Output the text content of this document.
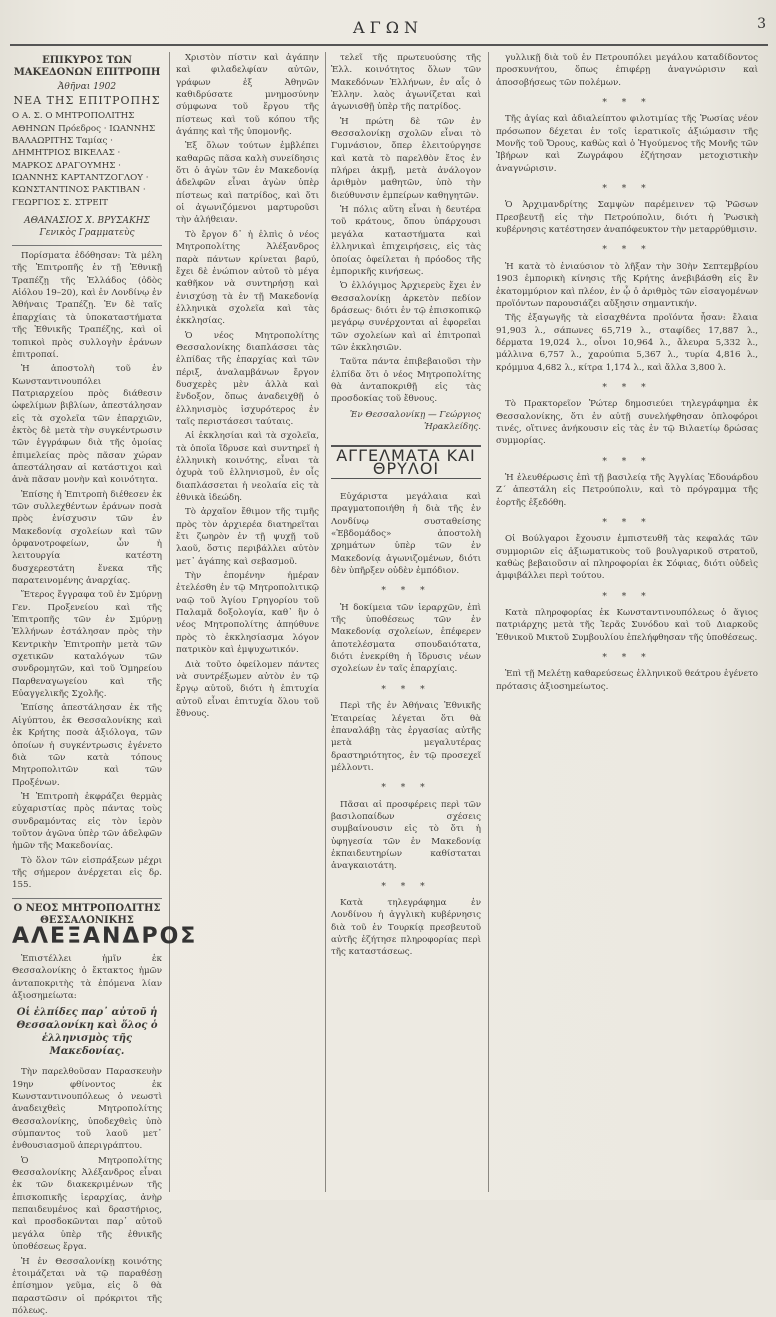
ΑΓΩΝ	3
ΕΠΙΚΥΡΟΣ ΤΩΝ ΜΑΚΕΔΟΝΩΝ ΕΠΙΤΡΟΠΗ
Ἀθῆναι 1902
ΝΕΑ ΤΗΣ ΕΠΙΤΡΟΠΗΣ
Ο Α. Σ. Ο ΜΗΤΡΟΠΟΛΙΤΗΣ ΑΘΗΝΩΝ Πρόεδρος · ΙΩΑΝΝΗΣ ΒΑΛΑΩΡΙΤΗΣ Ταμίας · ΔΗΜΗΤΡΙΟΣ ΒΙΚΕΛΑΣ · ΜΑΡΚΟΣ ΔΡΑΓΟΥΜΗΣ · ΙΩΑΝΝΗΣ ΚΑΡΤΑΝΤΖΟΓΛΟΥ · ΚΩΝΣΤΑΝΤΙΝΟΣ ΡΑΚΤΙΒΑΝ · ΓΕΩΡΓΙΟΣ Σ. ΣΤΡΕΙΤ
ΑΘΑΝΑΣΙΟΣ Χ. ΒΡΥΣΑΚΗΣ Γενικὸς Γραμματεὺς

Πορίσματα ἐδόθησαν: Τὰ μέλη τῆς Ἐπιτροπῆς ἐν τῇ Ἐθνικῇ Τραπέζῃ τῆς Ἑλλάδος (ὁδὸς Αἰόλου 19–20), καὶ ἐν Λονδίνῳ ἐν Ἀθήναις Τραπέζῃ. Ἐν δὲ ταῖς ἐπαρχίαις τὰ ὑποκαταστήματα τῆς Ἐθνικῆς Τραπέζης, καὶ οἱ τοπικοὶ πρὸς συλλογὴν ἐράνων ἐπιτροπαί.

Ἡ ἀποστολὴ τοῦ ἐν Κωνσταντινουπόλει Πατριαρχείου πρὸς διάθεσιν ὠφελίμων βιβλίων, ἀπεστάλησαν εἰς τὰ σχολεῖα τῶν ἐπαρχιῶν, ἐκτὸς δὲ μετὰ τὴν συγκέντρωσιν τῶν ἐγγράφων διὰ τῆς ὁμοίας ἐπιμελείας πρὸς πᾶσαν χώραν ἀπεστάλησαν αἱ κατάστιχοι καὶ ἀνὰ πᾶσαν μονὴν καὶ κοινότητα.

Ἐπίσης ἡ Ἐπιτροπὴ διέθεσεν ἐκ τῶν συλλεχθέντων ἐράνων ποσὰ πρὸς ἐνίσχυσιν τῶν ἐν Μακεδονίᾳ σχολείων καὶ τῶν ὀρφανοτροφείων, ὧν ἡ λειτουργία κατέστη δυσχερεστάτη ἕνεκα τῆς παρατεινομένης ἀναρχίας.

Ἕτερος ἔγγραφα τοῦ ἐν Σμύρνῃ Γεν. Προξενείου καὶ τῆς Ἐπιτροπῆς τῶν ἐν Σμύρνῃ Ἑλλήνων ἐστάλησαν πρὸς τὴν Κεντρικὴν Ἐπιτροπὴν μετὰ τῶν σχετικῶν καταλόγων τῶν συνδρομητῶν, καὶ τοῦ Ὁμηρείου Παρθεναγωγείου καὶ τῆς Εὐαγγελικῆς Σχολῆς.

Ἐπίσης ἀπεστάλησαν ἐκ τῆς Αἰγύπτου, ἐκ Θεσσαλονίκης καὶ ἐκ Κρήτης ποσὰ ἀξιόλογα, τῶν ὁποίων ἡ συγκέντρωσις ἐγένετο διὰ τῶν κατὰ τόπους Μητροπολιτῶν καὶ τῶν Προξένων.

Ἡ Ἐπιτροπὴ ἐκφράζει θερμὰς εὐχαριστίας πρὸς πάντας τοὺς συνδραμόντας εἰς τὸν ἱερὸν τοῦτον ἀγῶνα ὑπὲρ τῶν ἀδελφῶν ἡμῶν τῆς Μακεδονίας.

Τὸ ὅλον τῶν εἰσπράξεων μέχρι τῆς σήμερον ἀνέρχεται εἰς δρ. 155.

Ο ΝΕΟΣ ΜΗΤΡΟΠΟΛΙΤΗΣ ΘΕΣΣΑΛΟΝΙΚΗΣ
ΑΛΕΞΑΝΔΡΟΣ

Ἐπιστέλλει ἡμῖν ἐκ Θεσσαλονίκης ὁ ἔκτακτος ἡμῶν ἀνταποκριτὴς τὰ ἐπόμενα λίαν ἀξιοσημείωτα:

Οἱ ἐλπίδες παρ᾿ αὐτοῦ ἡ Θεσσαλονίκη καὶ ὅλος ὁ ἑλληνισμὸς τῆς Μακεδονίας.

Τὴν παρελθοῦσαν Παρασκευὴν 19ην φθίνοντος ἐκ Κωνσταντινουπόλεως ὁ νεωστὶ ἀναδειχθεὶς Μητροπολίτης Θεσσαλονίκης, ὑποδεχθεὶς ὑπὸ σύμπαντος τοῦ λαοῦ μετ᾿ ἐνθουσιασμοῦ ἀπεριγράπτου.

Ὁ Μητροπολίτης Θεσσαλονίκης Ἀλέξανδρος εἶναι ἐκ τῶν διακεκριμένων τῆς ἐπισκοπικῆς ἱεραρχίας, ἀνὴρ πεπαιδευμένος καὶ δραστήριος, καὶ προσδοκῶνται παρ᾿ αὐτοῦ μεγάλα ὑπὲρ τῆς ἐθνικῆς ὑποθέσεως ἔργα.

Ἡ ἐν Θεσσαλονίκῃ κοινότης ἑτοιμάζεται νὰ τῷ παραθέσῃ ἐπίσημον γεῦμα, εἰς ὃ θὰ παραστῶσιν οἱ πρόκριτοι τῆς πόλεως.

Χριστὸν πίστιν καὶ ἀγάπην καὶ φιλαδελφίαν αὐτῶν, γράφων ἐξ Ἀθηνῶν καθιδρύσατε μνημοσύνην σύμφωνα τοῦ ἔργου τῆς πίστεως καὶ τοῦ κόπου τῆς ἀγάπης καὶ τῆς ὑπομονῆς.

Ἐξ ὅλων τούτων ἐμβλέπει καθαρῶς πᾶσα καλὴ συνείδησις ὅτι ὁ ἀγὼν τῶν ἐν Μακεδονίᾳ ἀδελφῶν εἶναι ἀγὼν ὑπὲρ πίστεως καὶ πατρίδος, καὶ ὅτι οἱ ἀγωνιζόμενοι μαρτυροῦσι τὴν ἀλήθειαν.

Τὸ ἔργον δ᾿ ἡ ἐλπὶς ὁ νέος Μητροπολίτης Ἀλέξανδρος παρὰ πάντων κρίνεται βαρύ, ἔχει δὲ ἐνώπιον αὐτοῦ τὸ μέγα καθῆκον νὰ συντηρήσῃ καὶ ἐνισχύσῃ τὰ ἐν τῇ Μακεδονίᾳ ἑλληνικὰ σχολεῖα καὶ τὰς ἐκκλησίας.

Ὁ νέος Μητροπολίτης Θεσσαλονίκης διαπλάσσει τὰς ἐλπίδας τῆς ἐπαρχίας καὶ τῶν πέριξ, ἀναλαμβάνων ἔργον δυσχερὲς μὲν ἀλλὰ καὶ ἔνδοξον, ὅπως ἀναδειχθῇ ὁ ἑλληνισμὸς ἰσχυρότερος ἐν ταῖς περιστάσεσι ταύταις.

Αἱ ἐκκλησίαι καὶ τὰ σχολεῖα, τὰ ὁποῖα ἵδρυσε καὶ συντηρεῖ ἡ ἑλληνικὴ κοινότης, εἶναι τὰ ὀχυρὰ τοῦ ἑλληνισμοῦ, ἐν οἷς διαπλάσσεται ἡ νεολαία εἰς τὰ ἐθνικὰ ἰδεώδη.

Τὸ ἀρχαῖον ἔθιμον τῆς τιμῆς πρὸς τὸν ἀρχιερέα διατηρεῖται ἔτι ζωηρὸν ἐν τῇ ψυχῇ τοῦ λαοῦ, ὅστις περιβάλλει αὐτὸν μετ᾿ ἀγάπης καὶ σεβασμοῦ.

Τὴν ἐπομένην ἡμέραν ἐτελέσθη ἐν τῷ Μητροπολιτικῷ ναῷ τοῦ Ἁγίου Γρηγορίου τοῦ Παλαμᾶ δοξολογία, καθ᾿ ἣν ὁ νέος Μητροπολίτης ἀπηύθυνε πρὸς τὸ ἐκκλησίασμα λόγον πατρικὸν καὶ ἐμψυχωτικόν.

Διὰ τοῦτο ὀφείλομεν πάντες νὰ συντρέξωμεν αὐτὸν ἐν τῷ ἔργῳ αὐτοῦ, διότι ἡ ἐπιτυχία αὐτοῦ εἶναι ἐπιτυχία ὅλου τοῦ ἔθνους.

τελεῖ τῆς πρωτευούσης τῆς Ἑλλ. κοινότητος ὅλων τῶν Μακεδόνων Ἑλλήνων, ἐν αἷς ὁ Ἑλλην. λαὸς ἀγωνίζεται καὶ ἀγωνισθῇ ὑπὲρ τῆς πατρίδος.

Ἡ πρώτη δὲ τῶν ἐν Θεσσαλονίκῃ σχολῶν εἶναι τὸ Γυμνάσιον, ὅπερ ἐλειτούργησε καὶ κατὰ τὸ παρελθὸν ἔτος ἐν πλήρει ἀκμῇ, μετὰ ἀνάλογον ἀριθμὸν μαθητῶν, ὑπὸ τὴν διεύθυνσιν ἐμπείρων καθηγητῶν.

Ἡ πόλις αὕτη εἶναι ἡ δευτέρα τοῦ κράτους, ὅπου ὑπάρχουσι μεγάλα καταστήματα καὶ ἑλληνικαὶ ἐπιχειρήσεις, εἰς τὰς ὁποίας ὀφείλεται ἡ πρόοδος τῆς ἐμπορικῆς κινήσεως.

Ὁ ἐλλόγιμος Ἀρχιερεὺς ἔχει ἐν Θεσσαλονίκῃ ἀρκετὸν πεδίον δράσεως· διότι ἐν τῷ ἐπισκοπικῷ μεγάρῳ συνέρχονται αἱ ἐφορεῖαι τῶν σχολείων καὶ αἱ ἐπιτροπαὶ τῶν ἐκκλησιῶν.

Ταῦτα πάντα ἐπιβεβαιοῦσι τὴν ἐλπίδα ὅτι ὁ νέος Μητροπολίτης θὰ ἀνταποκριθῇ εἰς τὰς προσδοκίας τοῦ ἔθνους.

Ἐν Θεσσαλονίκῃ — Γεώργιος Ἡρακλείδης.
ΑΓΓΕΛΜΑΤΑ ΚΑΙ ΘΡΥΛΟΙ

Εὐχάριστα μεγάλαια καὶ πραγματοποιήθη ἡ διὰ τῆς ἐν Λονδίνῳ συσταθείσης «Ἑβδομάδος» ἀποστολὴ χρημάτων ὑπὲρ τῶν ἐν Μακεδονίᾳ ἀγωνιζομένων, διότι δὲν ὑπῆρξεν οὐδὲν ἐμπόδιον.

* * *

Ἡ δοκίμεια τῶν ἱεραρχῶν, ἐπὶ τῆς ὑποθέσεως τῶν ἐν Μακεδονίᾳ σχολείων, ἐπέφερεν ἀποτελέσματα σπουδαιότατα, διότι ἐνεκρίθη ἡ ἵδρυσις νέων σχολείων ἐν ταῖς ἐπαρχίαις.

* * *

Περὶ τῆς ἐν Ἀθήναις Ἐθνικῆς Ἑταιρείας λέγεται ὅτι θὰ ἐπαναλάβῃ τὰς ἐργασίας αὐτῆς μετὰ μεγαλυτέρας δραστηριότητος, ἐν τῷ προσεχεῖ μέλλοντι.

* * *

Πᾶσαι αἱ προσφέρεις περὶ τῶν βασιλοπαίδων σχέσεις συμβαίνουσιν εἰς τὸ ὅτι ἡ ὑφηγεσία τῶν ἐν Μακεδονίᾳ ἐκπαιδευτηρίων καθίσταται ἀναγκαιοτάτη.

* * *

Κατὰ τηλεγράφημα ἐν Λονδίνου ἡ ἀγγλικὴ κυβέρνησις διὰ τοῦ ἐν Τουρκίᾳ πρεσβευτοῦ αὐτῆς ἐζήτησε πληροφορίας περὶ τῆς καταστάσεως.

γυλλικῇ διὰ τοῦ ἐν Πετρουπόλει μεγάλου καταδίδοντος προσκυνήτου, ὅπως ἐπιφέρῃ ἀναγνώρισιν καὶ ἀποσοβήσεως τῶν πολέμων.

* * *

Τῆς ἀγίας καὶ ἀδιαλείπτου φιλοτιμίας τῆς Ῥωσίας νέον πρόσωπον δέχεται ἐν τοῖς ἱερατικοῖς ἀξιώμασιν τῆς Μονῆς τοῦ Ὄρους, καθὼς καὶ ὁ Ἡγούμενος τῆς Μονῆς τῶν Ἰβήρων καὶ Ζωγράφου ἐζήτησαν μετοχιστικὴν ἀναγνώρισιν.

* * *

Ὁ Ἀρχιμανδρίτης Σαμψὼν παρέμεινεν τῷ Ῥῶσων Πρεσβευτῇ εἰς τὴν Πετρούπολιν, διότι ἡ Ῥωσικὴ κυβέρνησις κατέστησεν ἀναπόφευκτον τὴν μεταρρύθμισιν.

* * *

Ἡ κατὰ τὸ ἐνιαύσιον τὸ λῆξαν τὴν 30ὴν Σεπτεμβρίου 1903 ἐμπορικὴ κίνησις τῆς Κρήτης ἀνεβιβάσθη εἰς ἓν ἑκατομμύριον καὶ πλέον, ἐν ᾧ ὁ ἀριθμὸς τῶν εἰσαγομένων προϊόντων παρουσιάζει αὔξησιν σημαντικήν.

Τῆς ἐξαγωγῆς τὰ εἰσαχθέντα προϊόντα ἦσαν: ἔλαια 91,903 λ., σάπωνες 65,719 λ., σταφίδες 17,887 λ., δέρματα 19,024 λ., οἶνοι 10,964 λ., ἄλευρα 5,332 λ., μάλλινα 6,757 λ., χαρούπια 5,367 λ., τυρία 4,816 λ., κρόμμυα 4,682 λ., κίτρα 1,174 λ., καὶ ἄλλα 3,800 λ.

* * *

Τὸ Πρακτορεῖον Ῥώτερ δημοσιεύει τηλεγράφημα ἐκ Θεσσαλονίκης, ὅτι ἐν αὐτῇ συνελήφθησαν ὀπλοφόροι τινές, οἵτινες ἀνήκουσιν εἰς τὰς ἐν τῷ Βιλαετίῳ δρώσας συμμορίας.

* * *

Ἡ ἐλευθέρωσις ἐπὶ τῇ βασιλείᾳ τῆς Ἀγγλίας Ἐδουάρδου Ζ΄ ἀπεστάλη εἰς Πετρούπολιν, καὶ τὸ πρόγραμμα τῆς ἑορτῆς ἐξεδόθη.

* * *

Οἱ Βούλγαροι ἔχουσιν ἐμπιστευθῆ τὰς κεφαλάς τῶν συμμοριῶν εἰς ἀξιωματικοὺς τοῦ βουλγαρικοῦ στρατοῦ, καθὼς βεβαιοῦσιν αἱ πληροφορίαι ἐκ Σόφιας, διότι οὐδεὶς ἀμφιβάλλει περὶ τούτου.

* * *

Κατὰ πληροφορίας ἐκ Κωνσταντινουπόλεως ὁ ἅγιος πατριάρχης μετὰ τῆς Ἱερᾶς Συνόδου καὶ τοῦ Διαρκοῦς Ἐθνικοῦ Μικτοῦ Συμβουλίου ἐπελήφθησαν τῆς ὑποθέσεως.

* * *

Ἐπὶ τῇ Μελέτῃ καθαρεύσεως ἑλληνικοῦ θεάτρου ἐγένετο πρότασις ἀξιοσημείωτος.
